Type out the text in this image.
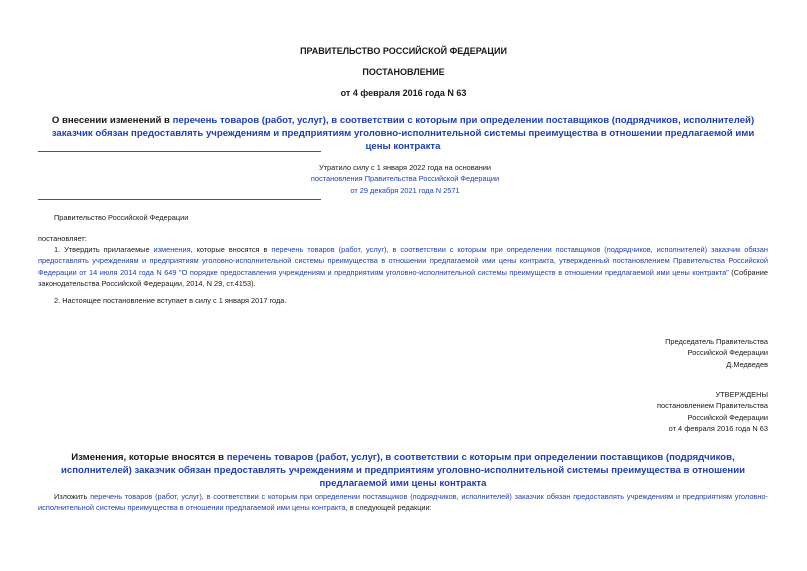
ПРАВИТЕЛЬСТВО РОССИЙСКОЙ ФЕДЕРАЦИИ
ПОСТАНОВЛЕНИЕ
от 4 февраля 2016 года N 63
О внесении изменений в перечень товаров (работ, услуг), в соответствии с которым при определении поставщиков (подрядчиков, исполнителей) заказчик обязан предоставлять учреждениям и предприятиям уголовно-исполнительной системы преимущества в отношении предлагаемой ими цены контракта
Утратило силу с 1 января 2022 года на основании
постановления Правительства Российской Федерации
от 29 декабря 2021 года N 2571
Правительство Российской Федерации
постановляет:
1. Утвердить прилагаемые изменения, которые вносятся в перечень товаров (работ, услуг), в соответствии с которым при определении поставщиков (подрядчиков, исполнителей) заказчик обязан предоставлять учреждениям и предприятиям уголовно-исполнительной системы преимущества в отношении предлагаемой ими цены контракта, утвержденный постановлением Правительства Российской Федерации от 14 июля 2014 года N 649 "О порядке предоставления учреждениям и предприятиям уголовно-исполнительной системы преимуществ в отношении предлагаемой ими цены контракта" (Собрание законодательства Российской Федерации, 2014, N 29, ст.4153).
2. Настоящее постановление вступает в силу с 1 января 2017 года.
Председатель Правительства
Российской Федерации
Д.Медведев
УТВЕРЖДЕНЫ
постановлением Правительства
Российской Федерации
от 4 февраля 2016 года N 63
Изменения, которые вносятся в перечень товаров (работ, услуг), в соответствии с которым при определении поставщиков (подрядчиков, исполнителей) заказчик обязан предоставлять учреждениям и предприятиям уголовно-исполнительной системы преимущества в отношении предлагаемой ими цены контракта
Изложить перечень товаров (работ, услуг), в соответствии с которым при определении поставщиков (подрядчиков, исполнителей) заказчик обязан предоставлять учреждениям и предприятиям уголовно-исполнительной системы преимущества в отношении предлагаемой ими цены контракта, в следующей редакции:
